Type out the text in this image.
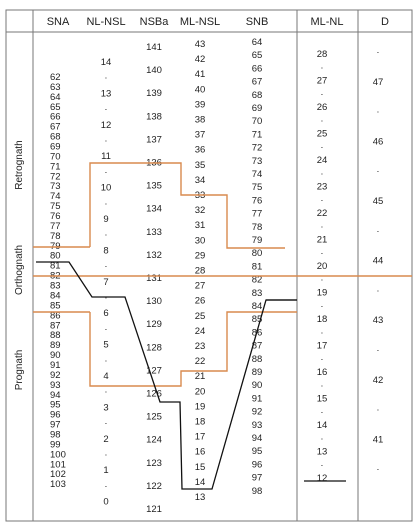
SNA NL-NSL NSBa ML-NSL SNB	ML-NL	D
Retrognath
Orthognath
Prognath
62
63
64
65
66
67
68
69
70
71
72
73
74
75
76
77
78
79
80
81
82
83
84
85
86
87
88
89
90
91
92
93
94
95
96
97
98
99
100
101
102
103
14
·
13
·
12
·
11
·
10
·
9
·
8
·
7
·
6
·
5
·
4
·
3
·
2
·
1
·
0
141
140
139
138
137
136
135
134
133
132
131
130
129
128
127
126
125
124
123
122
121
43
42
41
40
39
38
37
36
35
34
33
32
31
30
29
28
27
26
25
24
23
22
21
20
19
18
17
16
15
14
13
64
65
66
67
68
69
70
71
72
73
74
75
76
77
78
79
80
81
82
83
84
85
86
87
88
89
90
91
92
93
94
95
96
97
98
28
·
27
·
26
·
25
·
24
·
23
·
22
·
21
·
20
·
19
·
18
·
17
·
16
·
15
·
14
·
13
·
12
·
47
·
46
·
45
·
44
·
43
·
42
·
41
·
